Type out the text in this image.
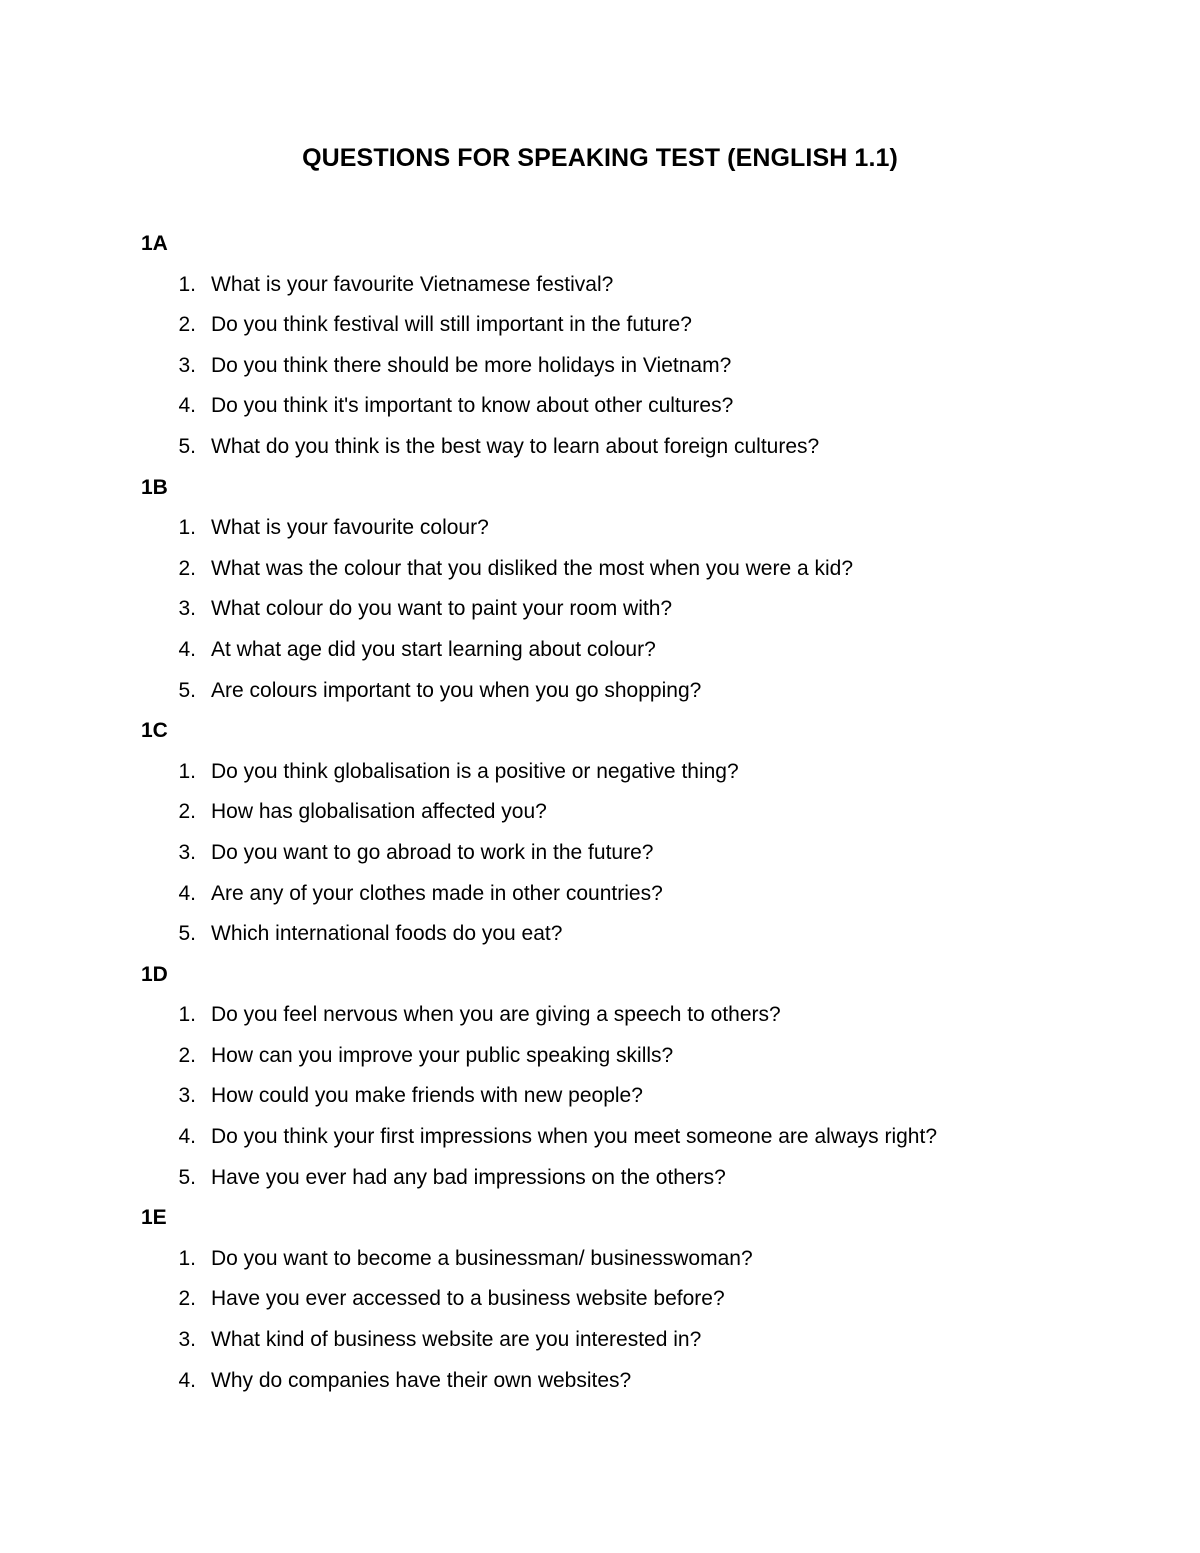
QUESTIONS FOR SPEAKING TEST (ENGLISH 1.1)
1A
1. What is your favourite Vietnamese festival?
2. Do you think festival will still important in the future?
3. Do you think there should be more holidays in Vietnam?
4. Do you think it's important to know about other cultures?
5. What do you think is the best way to learn about foreign cultures?
1B
1. What is your favourite colour?
2. What was the colour that you disliked the most when you were a kid?
3. What colour do you want to paint your room with?
4. At what age did you start learning about colour?
5. Are colours important to you when you go shopping?
1C
1. Do you think globalisation is a positive or negative thing?
2. How has globalisation affected you?
3. Do you want to go abroad to work in the future?
4. Are any of your clothes made in other countries?
5. Which international foods do you eat?
1D
1. Do you feel nervous when you are giving a speech to others?
2. How can you improve your public speaking skills?
3. How could you make friends with new people?
4. Do you think your first impressions when you meet someone are always right?
5. Have you ever had any bad impressions on the others?
1E
1. Do you want to become a businessman/ businesswoman?
2. Have you ever accessed to a business website before?
3. What kind of business website are you interested in?
4. Why do companies have their own websites?
